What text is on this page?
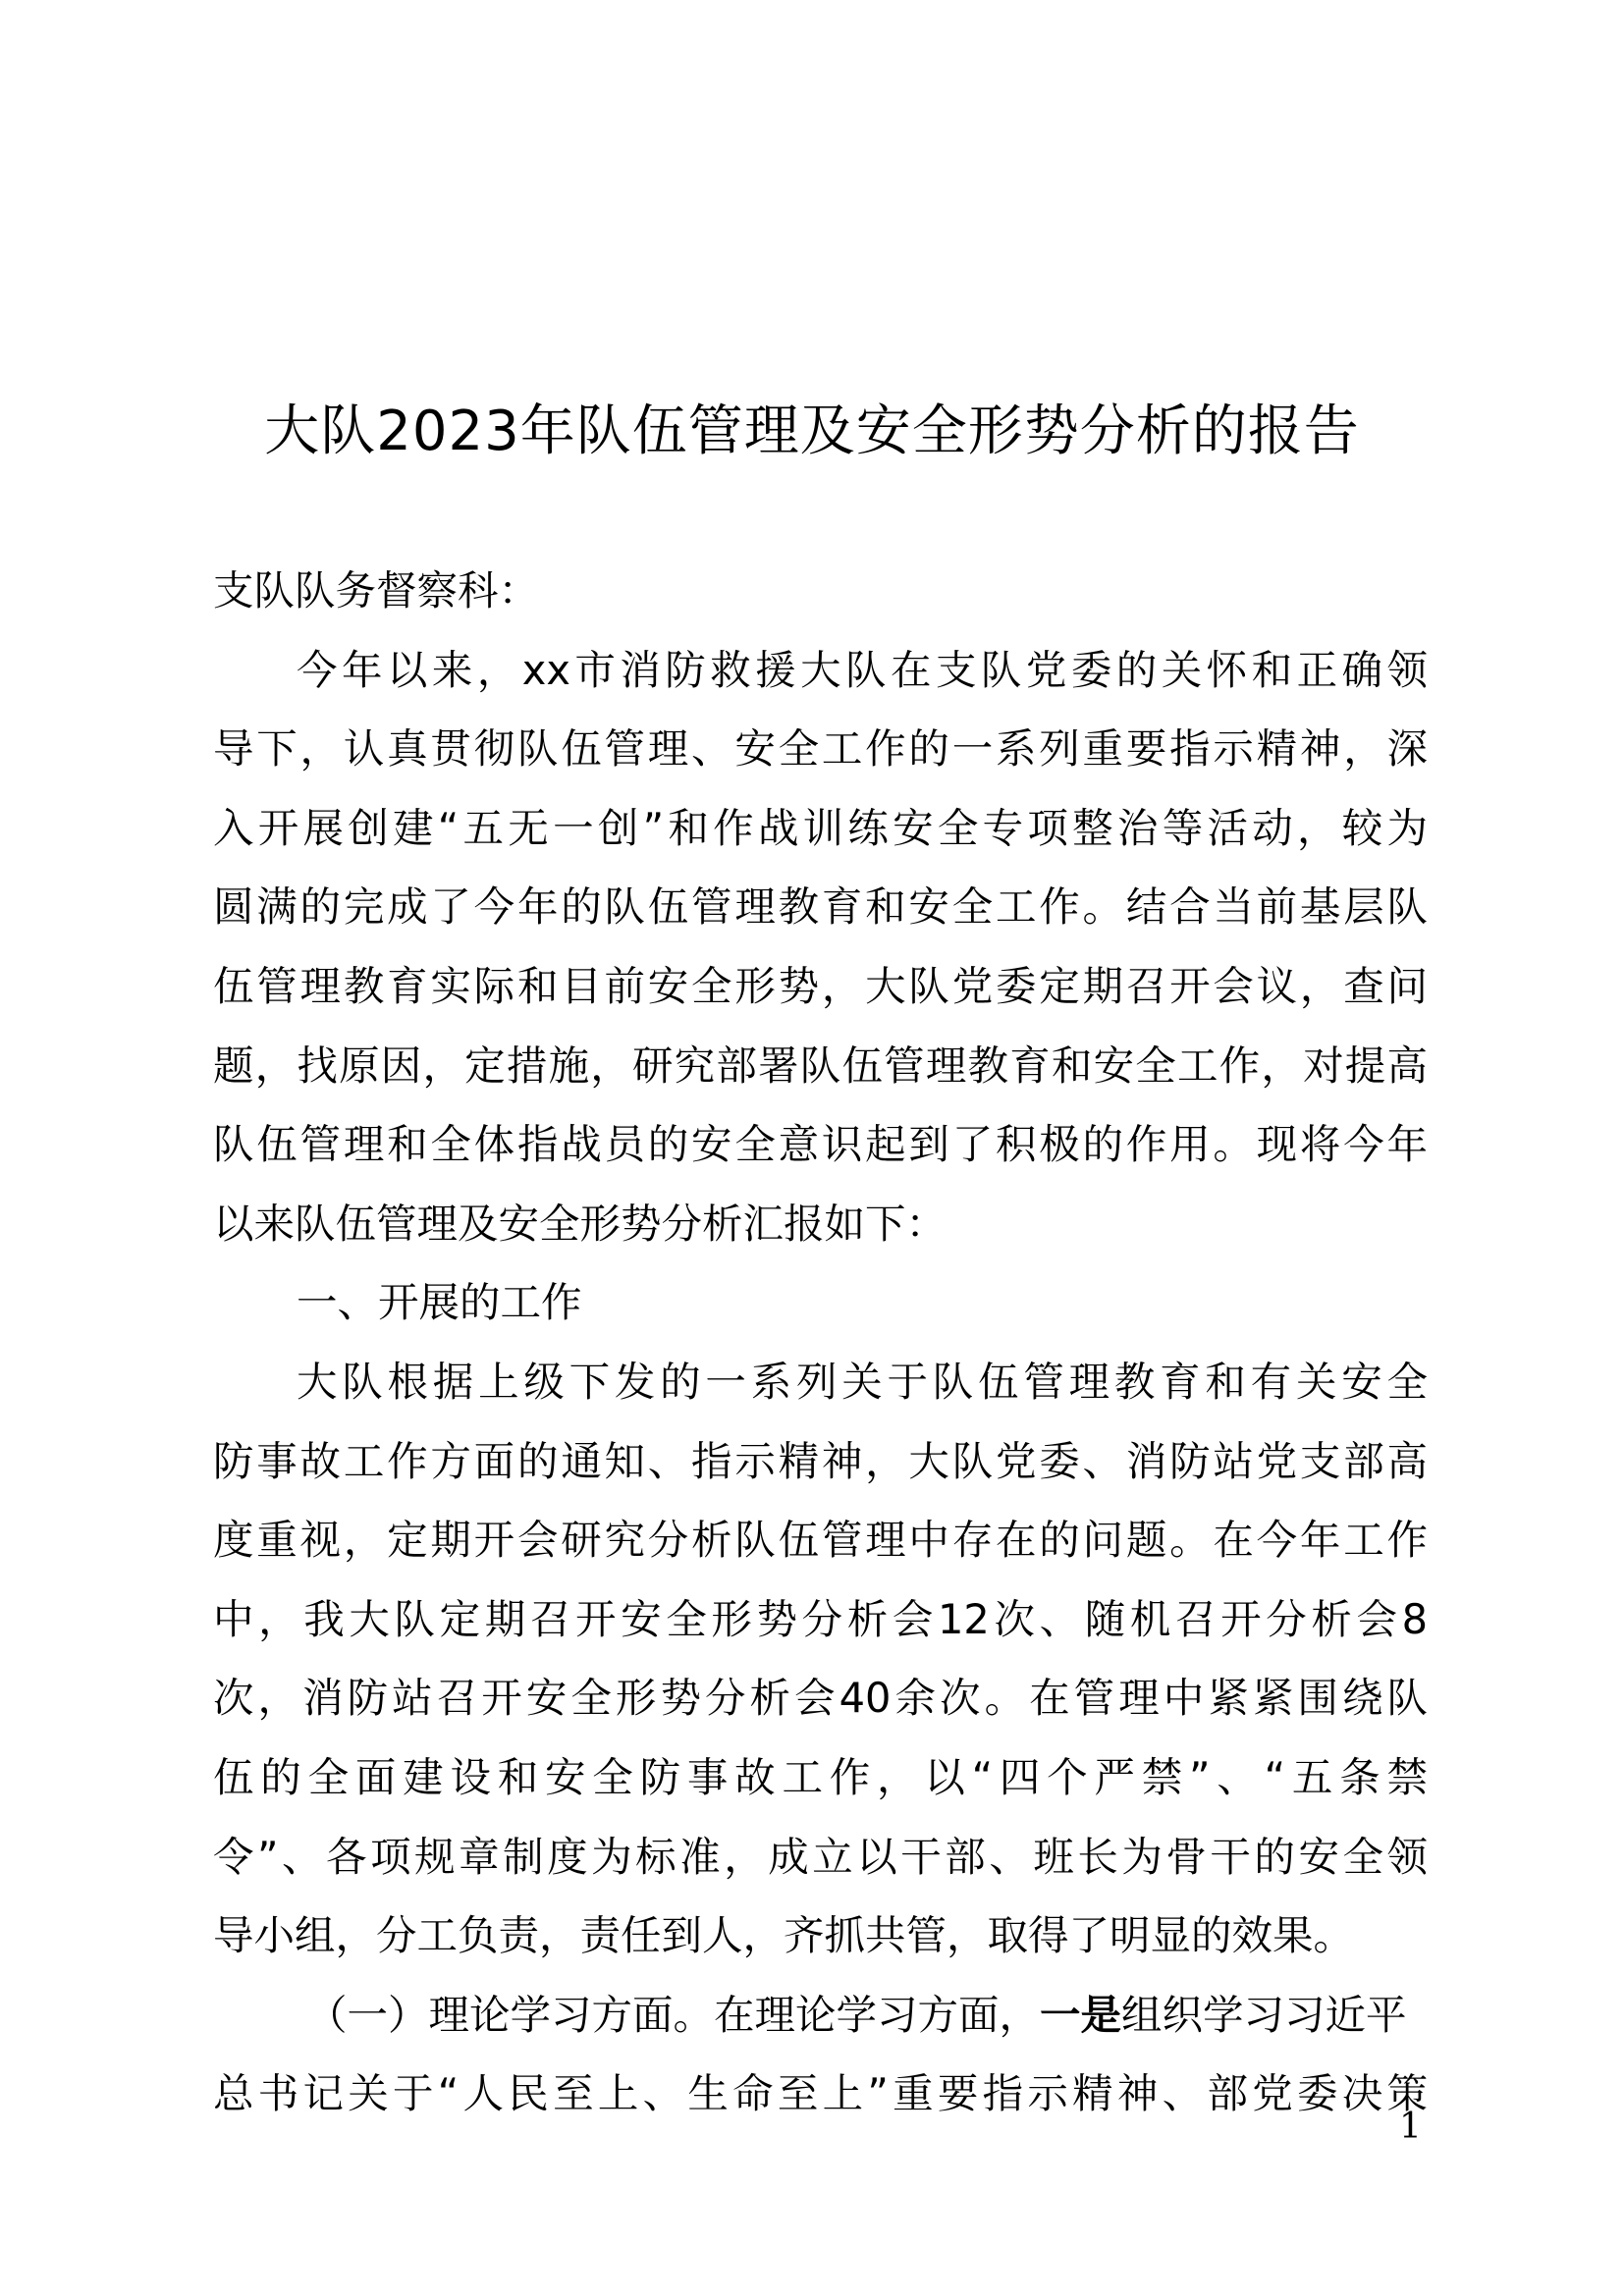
大队2023年队伍管理及安全形势分析的报告

支队队务督察科：

今年以来，xx市消防救援大队在支队党委的关怀和正确领

导下，认真贯彻队伍管理、安全工作的一系列重要指示精神，深

入开展创建“五无一创”和作战训练安全专项整治等活动，较为

圆满的完成了今年的队伍管理教育和安全工作。结合当前基层队

伍管理教育实际和目前安全形势，大队党委定期召开会议，查问

题，找原因，定措施，研究部署队伍管理教育和安全工作，对提高

队伍管理和全体指战员的安全意识起到了积极的作用。现将今年

以来队伍管理及安全形势分析汇报如下：

一、开展的工作

大队根据上级下发的一系列关于队伍管理教育和有关安全

防事故工作方面的通知、指示精神，大队党委、消防站党支部高

度重视，定期开会研究分析队伍管理中存在的问题。在今年工作

中，我大队定期召开安全形势分析会12次、随机召开分析会8

次，消防站召开安全形势分析会40余次。在管理中紧紧围绕队

伍的全面建设和安全防事故工作，以“四个严禁”、“五条禁

令”、各项规章制度为标准，成立以干部、班长为骨干的安全领

导小组，分工负责，责任到人，齐抓共管，取得了明显的效果。

（一）理论学习方面。在理论学习方面，一是组织学习习近平

总书记关于“人民至上、生命至上”重要指示精神、部党委决策

1
